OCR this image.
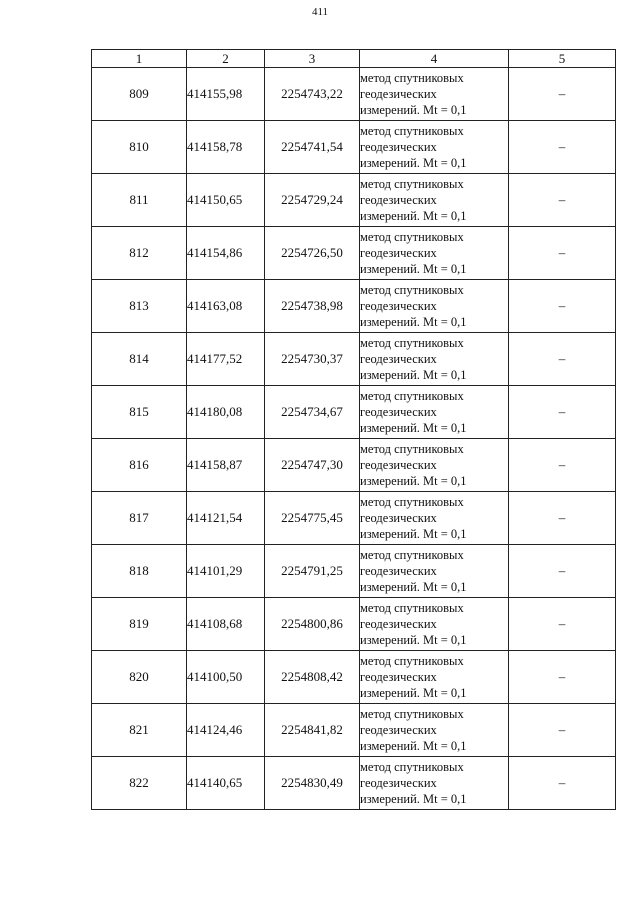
411
1	2	3	4	5
809	414155,98	2254743,22	метод спутниковых
геодезических
измерений. Mt = 0,1	–
810	414158,78	2254741,54	метод спутниковых
геодезических
измерений. Mt = 0,1	–
811	414150,65	2254729,24	метод спутниковых
геодезических
измерений. Mt = 0,1	–
812	414154,86	2254726,50	метод спутниковых
геодезических
измерений. Mt = 0,1	–
813	414163,08	2254738,98	метод спутниковых
геодезических
измерений. Mt = 0,1	–
814	414177,52	2254730,37	метод спутниковых
геодезических
измерений. Mt = 0,1	–
815	414180,08	2254734,67	метод спутниковых
геодезических
измерений. Mt = 0,1	–
816	414158,87	2254747,30	метод спутниковых
геодезических
измерений. Mt = 0,1	–
817	414121,54	2254775,45	метод спутниковых
геодезических
измерений. Mt = 0,1	–
818	414101,29	2254791,25	метод спутниковых
геодезических
измерений. Mt = 0,1	–
819	414108,68	2254800,86	метод спутниковых
геодезических
измерений. Mt = 0,1	–
820	414100,50	2254808,42	метод спутниковых
геодезических
измерений. Mt = 0,1	–
821	414124,46	2254841,82	метод спутниковых
геодезических
измерений. Mt = 0,1	–
822	414140,65	2254830,49	метод спутниковых
геодезических
измерений. Mt = 0,1	–
